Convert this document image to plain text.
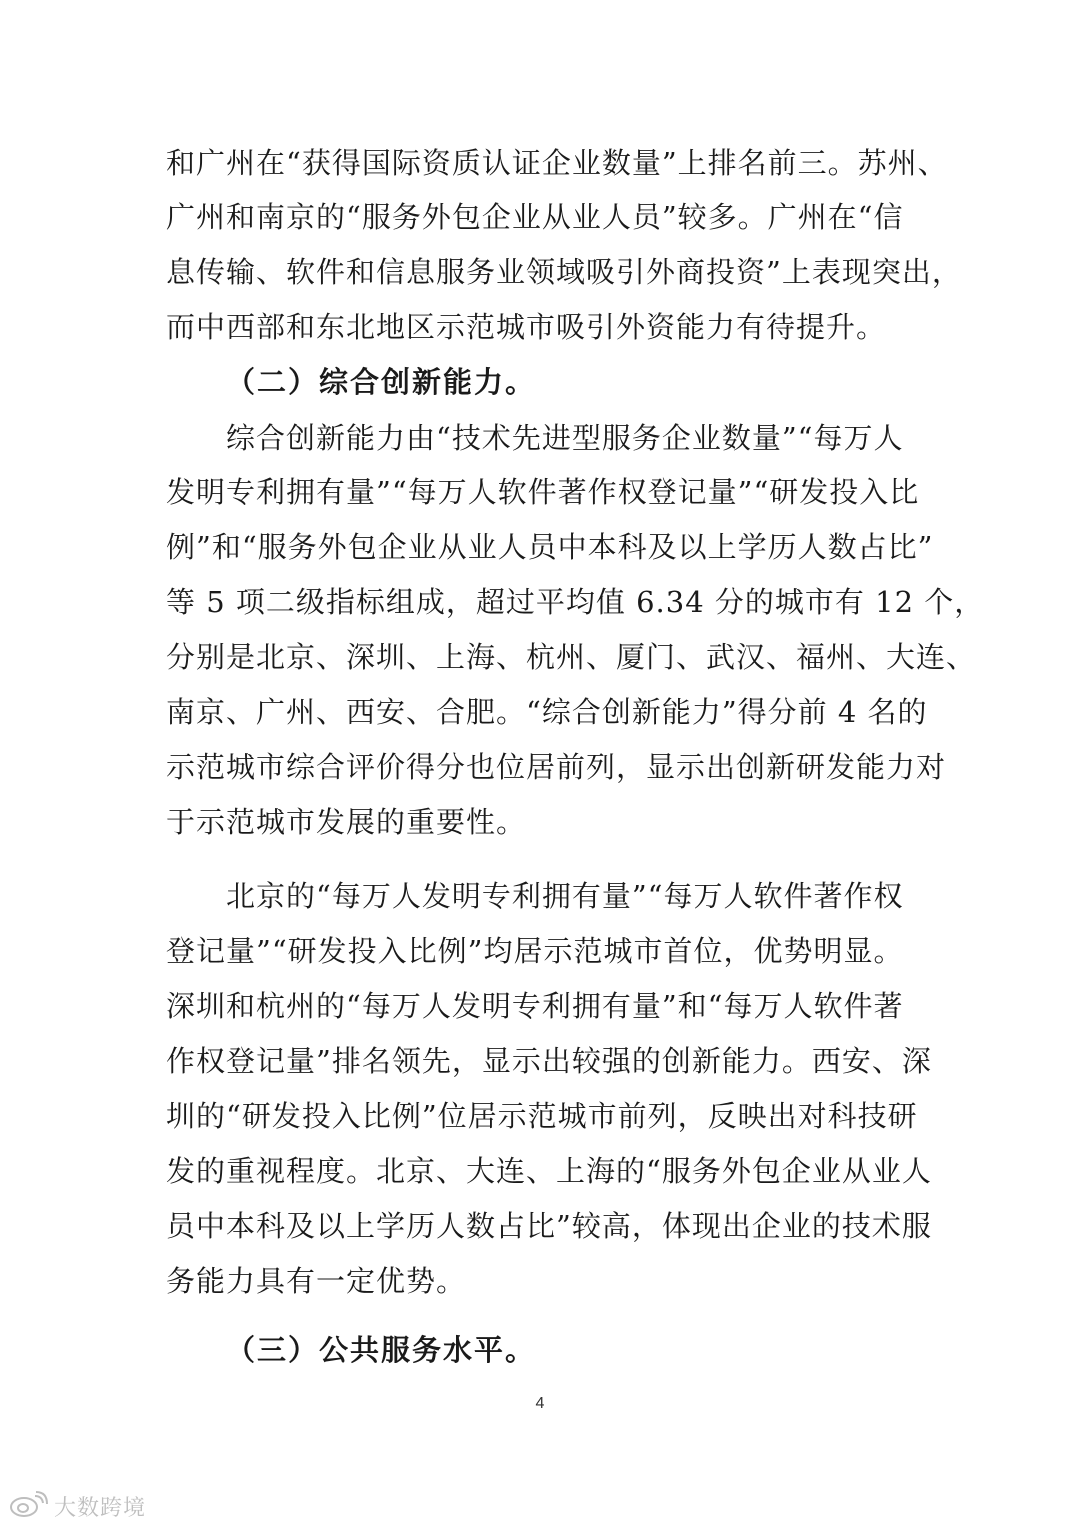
和广州在“获得国际资质认证企业数量”上排名前三。苏州、
广州和南京的“服务外包企业从业人员”较多。广州在“信
息传输、软件和信息服务业领域吸引外商投资”上表现突出，
而中西部和东北地区示范城市吸引外资能力有待提升。
（二）综合创新能力。
综合创新能力由“技术先进型服务企业数量”“每万人
发明专利拥有量”“每万人软件著作权登记量”“研发投入比
例”和“服务外包企业从业人员中本科及以上学历人数占比”
等 5 项二级指标组成，超过平均值 6.34 分的城市有 12 个，
分别是北京、深圳、上海、杭州、厦门、武汉、福州、大连、
南京、广州、西安、合肥。“综合创新能力”得分前 4 名的
示范城市综合评价得分也位居前列，显示出创新研发能力对
于示范城市发展的重要性。
北京的“每万人发明专利拥有量”“每万人软件著作权
登记量”“研发投入比例”均居示范城市首位，优势明显。
深圳和杭州的“每万人发明专利拥有量”和“每万人软件著
作权登记量”排名领先，显示出较强的创新能力。西安、深
圳的“研发投入比例”位居示范城市前列，反映出对科技研
发的重视程度。北京、大连、上海的“服务外包企业从业人
员中本科及以上学历人数占比”较高，体现出企业的技术服
务能力具有一定优势。
（三）公共服务水平。
4
大数跨境
